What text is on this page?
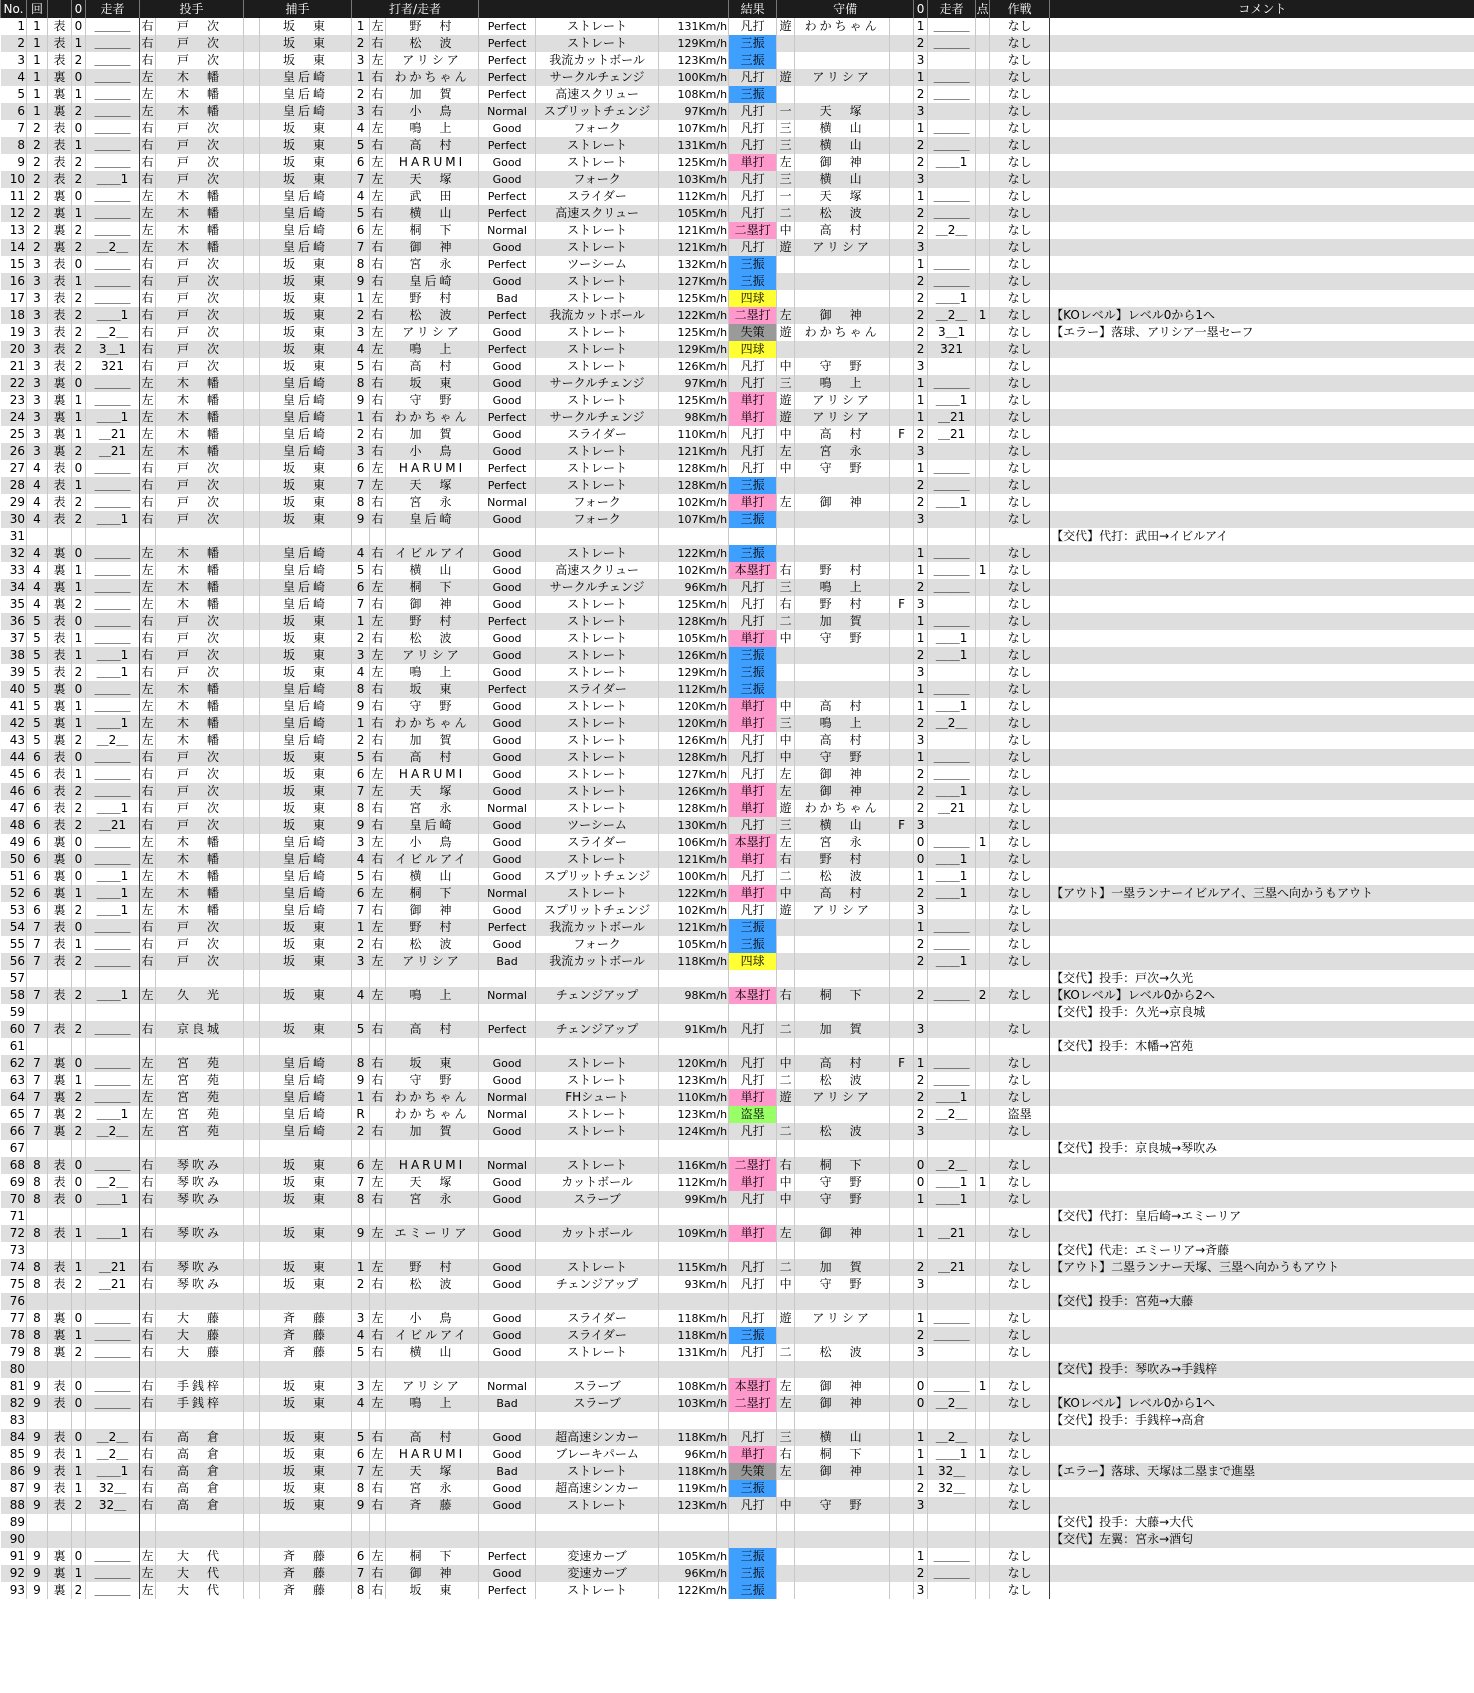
No.	回		0	走者	投手		捕手		打者/走者						結果	守備			0	走者	点	作戦	コメント
1	1	表	0	＿＿＿	右	戸　次		坂　東	1	左	野　村	Perfect	ストレート	131Km/h	凡打	遊	わかちゃん		1	＿＿＿		なし	
2	1	表	1	＿＿＿	右	戸　次		坂　東	2	右	松　波	Perfect	ストレート	129Km/h	三振				2	＿＿＿		なし	
3	1	表	2	＿＿＿	右	戸　次		坂　東	3	左	アリシア	Perfect	我流カットボール	123Km/h	三振				3			なし	
4	1	裏	0	＿＿＿	左	木　幡		皇后崎	1	右	わかちゃん	Perfect	サークルチェンジ	100Km/h	凡打	遊	アリシア		1	＿＿＿		なし	
5	1	裏	1	＿＿＿	左	木　幡		皇后崎	2	右	加　賀	Perfect	高速スクリュー	108Km/h	三振				2	＿＿＿		なし	
6	1	裏	2	＿＿＿	左	木　幡		皇后崎	3	右	小　鳥	Normal	スプリットチェンジ	97Km/h	凡打	一	天　塚		3			なし	
7	2	表	0	＿＿＿	右	戸　次		坂　東	4	左	鳴　上	Good	フォーク	107Km/h	凡打	三	横　山		1	＿＿＿		なし	
8	2	表	1	＿＿＿	右	戸　次		坂　東	5	右	高　村	Perfect	ストレート	131Km/h	凡打	三	横　山		2	＿＿＿		なし	
9	2	表	2	＿＿＿	右	戸　次		坂　東	6	左	HARUMI	Good	ストレート	125Km/h	単打	左	御　神		2	＿＿1		なし	
10	2	表	2	＿＿1	右	戸　次		坂　東	7	左	天　塚	Good	フォーク	103Km/h	凡打	三	横　山		3			なし	
11	2	裏	0	＿＿＿	左	木　幡		皇后崎	4	左	武　田	Perfect	スライダー	112Km/h	凡打	一	天　塚		1	＿＿＿		なし	
12	2	裏	1	＿＿＿	左	木　幡		皇后崎	5	右	横　山	Perfect	高速スクリュー	105Km/h	凡打	二	松　波		2	＿＿＿		なし	
13	2	裏	2	＿＿＿	左	木　幡		皇后崎	6	左	桐　下	Normal	ストレート	121Km/h	二塁打	中	高　村		2	＿2＿		なし	
14	2	裏	2	＿2＿	左	木　幡		皇后崎	7	右	御　神	Good	ストレート	121Km/h	凡打	遊	アリシア		3			なし	
15	3	表	0	＿＿＿	右	戸　次		坂　東	8	右	宮　永	Perfect	ツーシーム	132Km/h	三振				1	＿＿＿		なし	
16	3	表	1	＿＿＿	右	戸　次		坂　東	9	右	皇后崎	Good	ストレート	127Km/h	三振				2	＿＿＿		なし	
17	3	表	2	＿＿＿	右	戸　次		坂　東	1	左	野　村	Bad	ストレート	125Km/h	四球				2	＿＿1		なし	
18	3	表	2	＿＿1	右	戸　次		坂　東	2	右	松　波	Perfect	我流カットボール	122Km/h	二塁打	左	御　神		2	＿2＿	1	なし	【KOレベル】レベル0から1へ
19	3	表	2	＿2＿	右	戸　次		坂　東	3	左	アリシア	Good	ストレート	125Km/h	失策	遊	わかちゃん		2	3＿1		なし	【エラー】落球、アリシア一塁セーフ
20	3	表	2	3＿1	右	戸　次		坂　東	4	左	鳴　上	Perfect	ストレート	129Km/h	四球				2	321		なし	
21	3	表	2	321	右	戸　次		坂　東	5	右	高　村	Good	ストレート	126Km/h	凡打	中	守　野		3			なし	
22	3	裏	0	＿＿＿	左	木　幡		皇后崎	8	右	坂　東	Good	サークルチェンジ	97Km/h	凡打	三	鳴　上		1	＿＿＿		なし	
23	3	裏	1	＿＿＿	左	木　幡		皇后崎	9	右	守　野	Good	ストレート	125Km/h	単打	遊	アリシア		1	＿＿1		なし	
24	3	裏	1	＿＿1	左	木　幡		皇后崎	1	右	わかちゃん	Perfect	サークルチェンジ	98Km/h	単打	遊	アリシア		1	＿21		なし	
25	3	裏	1	＿21	左	木　幡		皇后崎	2	右	加　賀	Good	スライダー	110Km/h	凡打	中	高　村	F	2	＿21		なし	
26	3	裏	2	＿21	左	木　幡		皇后崎	3	右	小　鳥	Good	ストレート	121Km/h	凡打	左	宮　永		3			なし	
27	4	表	0	＿＿＿	右	戸　次		坂　東	6	左	HARUMI	Perfect	ストレート	128Km/h	凡打	中	守　野		1	＿＿＿		なし	
28	4	表	1	＿＿＿	右	戸　次		坂　東	7	左	天　塚	Perfect	ストレート	128Km/h	三振				2	＿＿＿		なし	
29	4	表	2	＿＿＿	右	戸　次		坂　東	8	右	宮　永	Normal	フォーク	102Km/h	単打	左	御　神		2	＿＿1		なし	
30	4	表	2	＿＿1	右	戸　次		坂　東	9	右	皇后崎	Good	フォーク	107Km/h	三振				3			なし	
31																							【交代】代打：武田→イビルアイ
32	4	裏	0	＿＿＿	左	木　幡		皇后崎	4	右	イビルアイ	Good	ストレート	122Km/h	三振				1	＿＿＿		なし	
33	4	裏	1	＿＿＿	左	木　幡		皇后崎	5	右	横　山	Good	高速スクリュー	102Km/h	本塁打	右	野　村		1	＿＿＿	1	なし	
34	4	裏	1	＿＿＿	左	木　幡		皇后崎	6	左	桐　下	Good	サークルチェンジ	96Km/h	凡打	三	鳴　上		2	＿＿＿		なし	
35	4	裏	2	＿＿＿	左	木　幡		皇后崎	7	右	御　神	Good	ストレート	125Km/h	凡打	右	野　村	F	3			なし	
36	5	表	0	＿＿＿	右	戸　次		坂　東	1	左	野　村	Perfect	ストレート	128Km/h	凡打	二	加　賀		1	＿＿＿		なし	
37	5	表	1	＿＿＿	右	戸　次		坂　東	2	右	松　波	Good	ストレート	105Km/h	単打	中	守　野		1	＿＿1		なし	
38	5	表	1	＿＿1	右	戸　次		坂　東	3	左	アリシア	Good	ストレート	126Km/h	三振				2	＿＿1		なし	
39	5	表	2	＿＿1	右	戸　次		坂　東	4	左	鳴　上	Good	ストレート	129Km/h	三振				3			なし	
40	5	裏	0	＿＿＿	左	木　幡		皇后崎	8	右	坂　東	Perfect	スライダー	112Km/h	三振				1	＿＿＿		なし	
41	5	裏	1	＿＿＿	左	木　幡		皇后崎	9	右	守　野	Good	ストレート	120Km/h	単打	中	高　村		1	＿＿1		なし	
42	5	裏	1	＿＿1	左	木　幡		皇后崎	1	右	わかちゃん	Good	ストレート	120Km/h	単打	三	鳴　上		2	＿2＿		なし	
43	5	裏	2	＿2＿	左	木　幡		皇后崎	2	右	加　賀	Good	ストレート	126Km/h	凡打	中	高　村		3			なし	
44	6	表	0	＿＿＿	右	戸　次		坂　東	5	右	高　村	Good	ストレート	128Km/h	凡打	中	守　野		1	＿＿＿		なし	
45	6	表	1	＿＿＿	右	戸　次		坂　東	6	左	HARUMI	Good	ストレート	127Km/h	凡打	左	御　神		2	＿＿＿		なし	
46	6	表	2	＿＿＿	右	戸　次		坂　東	7	左	天　塚	Good	ストレート	126Km/h	単打	左	御　神		2	＿＿1		なし	
47	6	表	2	＿＿1	右	戸　次		坂　東	8	右	宮　永	Normal	ストレート	128Km/h	単打	遊	わかちゃん		2	＿21		なし	
48	6	表	2	＿21	右	戸　次		坂　東	9	右	皇后崎	Good	ツーシーム	130Km/h	凡打	三	横　山	F	3			なし	
49	6	裏	0	＿＿＿	左	木　幡		皇后崎	3	左	小　鳥	Good	スライダー	106Km/h	本塁打	左	宮　永		0	＿＿＿	1	なし	
50	6	裏	0	＿＿＿	左	木　幡		皇后崎	4	右	イビルアイ	Good	ストレート	121Km/h	単打	右	野　村		0	＿＿1		なし	
51	6	裏	0	＿＿1	左	木　幡		皇后崎	5	右	横　山	Good	スプリットチェンジ	100Km/h	凡打	二	松　波		1	＿＿1		なし	
52	6	裏	1	＿＿1	左	木　幡		皇后崎	6	左	桐　下	Normal	ストレート	122Km/h	単打	中	高　村		2	＿＿1		なし	【アウト】一塁ランナーイビルアイ、三塁へ向かうもアウト
53	6	裏	2	＿＿1	左	木　幡		皇后崎	7	右	御　神	Good	スプリットチェンジ	102Km/h	凡打	遊	アリシア		3			なし	
54	7	表	0	＿＿＿	右	戸　次		坂　東	1	左	野　村	Perfect	我流カットボール	121Km/h	三振				1	＿＿＿		なし	
55	7	表	1	＿＿＿	右	戸　次		坂　東	2	右	松　波	Good	フォーク	105Km/h	三振				2	＿＿＿		なし	
56	7	表	2	＿＿＿	右	戸　次		坂　東	3	左	アリシア	Bad	我流カットボール	118Km/h	四球				2	＿＿1		なし	
57																							【交代】投手：戸次→久光
58	7	表	2	＿＿1	左	久　光		坂　東	4	左	鳴　上	Normal	チェンジアップ	98Km/h	本塁打	右	桐　下		2	＿＿＿	2	なし	【KOレベル】レベル0から2へ
59																							【交代】投手：久光→京良城
60	7	表	2	＿＿＿	右	京良城		坂　東	5	右	高　村	Perfect	チェンジアップ	91Km/h	凡打	二	加　賀		3			なし	
61																							【交代】投手：木幡→宮苑
62	7	裏	0	＿＿＿	左	宮　苑		皇后崎	8	右	坂　東	Good	ストレート	120Km/h	凡打	中	高　村	F	1	＿＿＿		なし	
63	7	裏	1	＿＿＿	左	宮　苑		皇后崎	9	右	守　野	Good	ストレート	123Km/h	凡打	二	松　波		2	＿＿＿		なし	
64	7	裏	2	＿＿＿	左	宮　苑		皇后崎	1	右	わかちゃん	Normal	FHシュート	110Km/h	単打	遊	アリシア		2	＿＿1		なし	
65	7	裏	2	＿＿1	左	宮　苑		皇后崎	R		わかちゃん	Normal	ストレート	123Km/h	盗塁				2	＿2＿		盗塁	
66	7	裏	2	＿2＿	左	宮　苑		皇后崎	2	右	加　賀	Good	ストレート	124Km/h	凡打	二	松　波		3			なし	
67																							【交代】投手：京良城→琴吹み
68	8	表	0	＿＿＿	右	琴吹み		坂　東	6	左	HARUMI	Normal	ストレート	116Km/h	二塁打	右	桐　下		0	＿2＿		なし	
69	8	表	0	＿2＿	右	琴吹み		坂　東	7	左	天　塚	Good	カットボール	112Km/h	単打	中	守　野		0	＿＿1	1	なし	
70	8	表	0	＿＿1	右	琴吹み		坂　東	8	右	宮　永	Good	スラーブ	99Km/h	凡打	中	守　野		1	＿＿1		なし	
71																							【交代】代打：皇后崎→エミーリア
72	8	表	1	＿＿1	右	琴吹み		坂　東	9	左	エミーリア	Good	カットボール	109Km/h	単打	左	御　神		1	＿21		なし	
73																							【交代】代走：エミーリア→斉藤
74	8	表	1	＿21	右	琴吹み		坂　東	1	左	野　村	Good	ストレート	115Km/h	凡打	二	加　賀		2	＿21		なし	【アウト】二塁ランナー天塚、三塁へ向かうもアウト
75	8	表	2	＿21	右	琴吹み		坂　東	2	右	松　波	Good	チェンジアップ	93Km/h	凡打	中	守　野		3			なし	
76																							【交代】投手：宮苑→大藤
77	8	裏	0	＿＿＿	右	大　藤		斉　藤	3	左	小　鳥	Good	スライダー	118Km/h	凡打	遊	アリシア		1	＿＿＿		なし	
78	8	裏	1	＿＿＿	右	大　藤		斉　藤	4	右	イビルアイ	Good	スライダー	118Km/h	三振				2	＿＿＿		なし	
79	8	裏	2	＿＿＿	右	大　藤		斉　藤	5	右	横　山	Good	ストレート	131Km/h	凡打	二	松　波		3			なし	
80																							【交代】投手：琴吹み→手銭梓
81	9	表	0	＿＿＿	右	手銭梓		坂　東	3	左	アリシア	Normal	スラーブ	108Km/h	本塁打	左	御　神		0	＿＿＿	1	なし	
82	9	表	0	＿＿＿	右	手銭梓		坂　東	4	左	鳴　上	Bad	スラーブ	103Km/h	二塁打	左	御　神		0	＿2＿		なし	【KOレベル】レベル0から1へ
83																							【交代】投手：手銭梓→高倉
84	9	表	0	＿2＿	右	高　倉		坂　東	5	右	高　村	Good	超高速シンカー	118Km/h	凡打	三	横　山		1	＿2＿		なし	
85	9	表	1	＿2＿	右	高　倉		坂　東	6	左	HARUMI	Good	ブレーキパーム	96Km/h	単打	右	桐　下		1	＿＿1	1	なし	
86	9	表	1	＿＿1	右	高　倉		坂　東	7	左	天　塚	Bad	ストレート	118Km/h	失策	左	御　神		1	32＿		なし	【エラー】落球、天塚は二塁まで進塁
87	9	表	1	32＿	右	高　倉		坂　東	8	右	宮　永	Good	超高速シンカー	119Km/h	三振				2	32＿		なし	
88	9	表	2	32＿	右	高　倉		坂　東	9	右	斉　藤	Good	ストレート	123Km/h	凡打	中	守　野		3			なし	
89																							【交代】投手：大藤→大代
90																							【交代】左翼：宮永→酒匂
91	9	裏	0	＿＿＿	左	大　代		斉　藤	6	左	桐　下	Perfect	変速カーブ	105Km/h	三振				1	＿＿＿		なし	
92	9	裏	1	＿＿＿	左	大　代		斉　藤	7	右	御　神	Good	変速カーブ	96Km/h	三振				2	＿＿＿		なし	
93	9	裏	2	＿＿＿	左	大　代		斉　藤	8	右	坂　東	Perfect	ストレート	122Km/h	三振				3			なし	
